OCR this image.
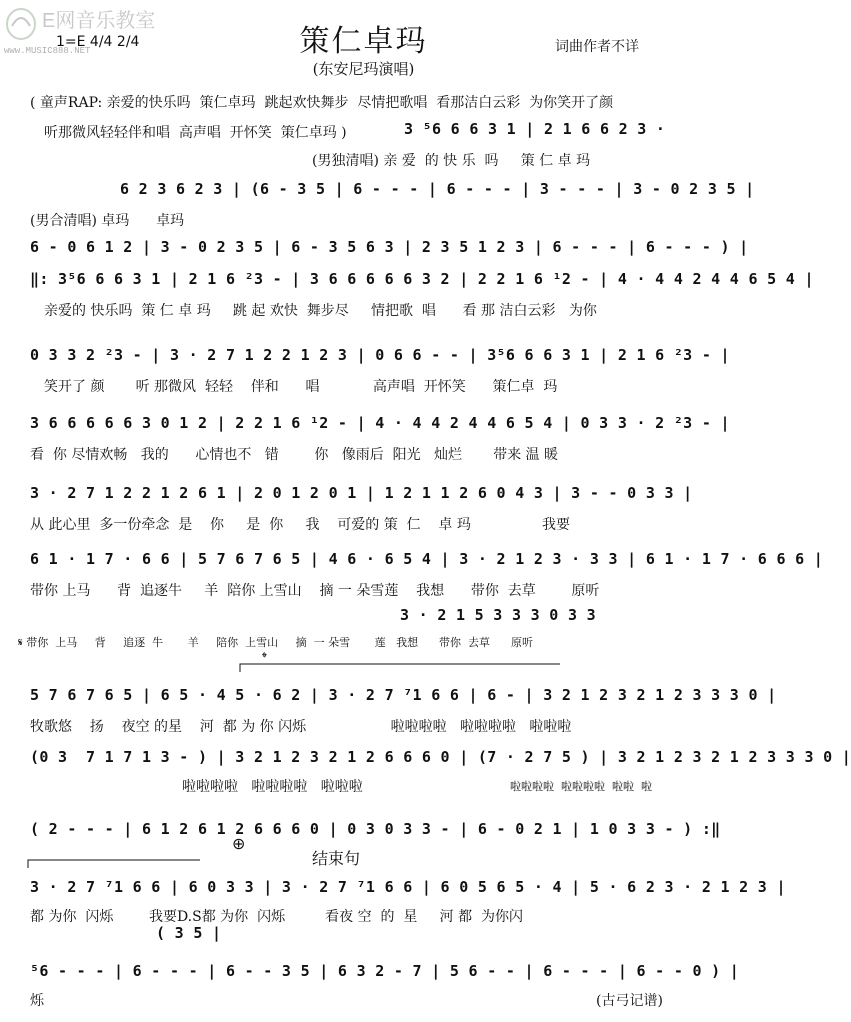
E网音乐教室
www.MUSIC888.NET
1=E 4/4 2/4	策仁卓玛
(东安尼玛演唱)
词曲作者不详
𝄌
⊕
( 童声RAP: 亲爱的快乐吗  策仁卓玛  跳起欢快舞步  尽情把歌唱  看那洁白云彩  为你笑开了颜
听那微风轻轻伴和唱  高声唱  开怀笑  策仁卓玛 )	3 ⁵6 6 6 3 1 | 2 1 6 6 2 3 ·
(男独清唱) 亲 爱  的 快 乐  吗     策 仁 卓 玛
6 2 3 6 2 3 | (6 - 3 5 | 6 - - - | 6 - - - | 3 - - - | 3 - 0 2 3 5 |
(男合清唱) 卓玛      卓玛
6 - 0 6 1 2 | 3 - 0 2 3 5 | 6 - 3 5 6 3 | 2 3 5 1 2 3 | 6 - - - | 6 - - - ) |
‖: 3⁵6 6 6 3 1 | 2 1 6 ²3 - | 3 6 6 6 6 6 3 2 | 2 2 1 6 ¹2 - | 4 · 4 4 2 4 4 6 5 4 |
亲爱的 快乐吗  策 仁 卓 玛     跳 起 欢快  舞步尽     情把歌  唱      看 那 洁白云彩   为你
0 3 3 2 ²3 - | 3 · 2 7 1 2 2 1 2 3 | 0 6 6 - - | 3⁵6 6 6 3 1 | 2 1 6 ²3 - |
笑开了 颜       听 那微风  轻轻    伴和      唱            高声唱  开怀笑      策仁卓  玛
3 6 6 6 6 6 3 0 1 2 | 2 2 1 6 ¹2 - | 4 · 4 4 2 4 4 6 5 4 | 0 3 3 · 2 ²3 - |
看  你 尽情欢畅   我的      心情也不   错        你   像雨后  阳光   灿烂       带来 温 暖
3 · 2 7 1 2 2 1 2 6 1 | 2 0 1 2 0 1 | 1 2 1 1 2 6 0 4 3 | 3 - - 0 3 3 |
从 此心里  多一份牵念  是    你     是  你     我    可爱的 策  仁    卓 玛                我要
6 1 · 1 7 · 6 6 | 5 7 6 7 6 5 | 4 6 · 6 5 4 | 3 · 2 1 2 3 · 3 3 | 6 1 · 1 7 · 6 6 6 |
带你 上马      背  追逐牛     羊  陪你 上雪山    摘 一 朵雪莲    我想      带你  去草        原听
3 · 2 1 5 3 3 3 0 3 3
𝄋 带你  上马     背     追逐  牛       羊     陪你  上雪山     摘  一 朵雪       莲   我想      带你  去草      原听
5 7 6 7 6 5 | 6 5 · 4 5 · 6 2 | 3 · 2 7 ⁷1 6 6 | 6 - | 3 2 1 2 3 2 1 2 3 3 3 0 |
牧歌悠    扬    夜空 的星    河  都 为 你 闪烁                   啦啦啦啦   啦啦啦啦   啦啦啦
(0 3  7 1 7 1 3 - ) | 3 2 1 2 3 2 1 2 6 6 6 0 | (7 · 2 7 5 ) | 3 2 1 2 3 2 1 2 3 3 3 0 |
啦啦啦啦   啦啦啦啦   啦啦啦	啦啦啦啦  啦啦啦啦  啦啦  啦
( 2 - - - | 6 1 2 6 1 2 6 6 6 0 | 0 3 0 3 3 - | 6 - 0 2 1 | 1 0 3 3 - ) :‖
结束句
3 · 2 7 ⁷1 6 6 | 6 0 3 3 | 3 · 2 7 ⁷1 6 6 | 6 0 5 6 5 · 4 | 5 · 6 2 3 · 2 1 2 3 |
都 为你  闪烁        我要D.S都 为你  闪烁         看夜 空  的  星     河 都  为你闪
( 3 5 |
⁵6 - - - | 6 - - - | 6 - - 3 5 | 6 3 2 - 7 | 5 6 - - | 6 - - - | 6 - - 0 ) |
烁	(古弓记谱)
